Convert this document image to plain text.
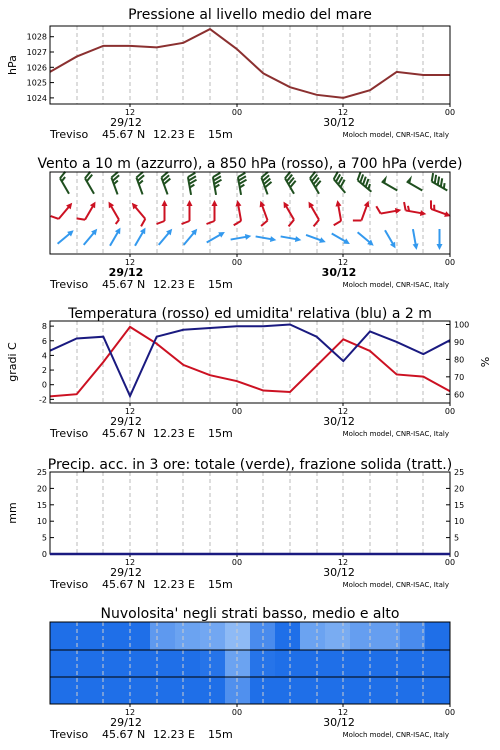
Pressione al livello medio del mare
12	00	12	00
29/12	30/12
Treviso 45.67 N 12.23 E 15m	Moloch model, CNR-ISAC, Italy
1024
1025
1026
1027
1028
hPa
Vento a 10 m (azzurro), a 850 hPa (rosso), a 700 hPa (verde)
12	00	12	00
29/12	30/12
Treviso 45.67 N 12.23 E 15m	Moloch model, CNR-ISAC, Italy
Temperatura (rosso) ed umidita' relativa (blu) a 2 m
12	00	12	00
29/12	30/12
Treviso 45.67 N 12.23 E 15m	Moloch model, CNR-ISAC, Italy
-2
0
2
4
6
8
60
70
80
90
100
gradi C	%
Precip. acc. in 3 ore: totale (verde), frazione solida (tratt.)
12	00	12	00
29/12	30/12
Treviso 45.67 N 12.23 E 15m	Moloch model, CNR-ISAC, Italy
0
5
10
15
20
25
0
5
10
15
20
25
mm
Nuvolosita' negli strati basso, medio e alto
12	00	12	00
29/12	30/12
Treviso 45.67 N 12.23 E 15m	Moloch model, CNR-ISAC, Italy
